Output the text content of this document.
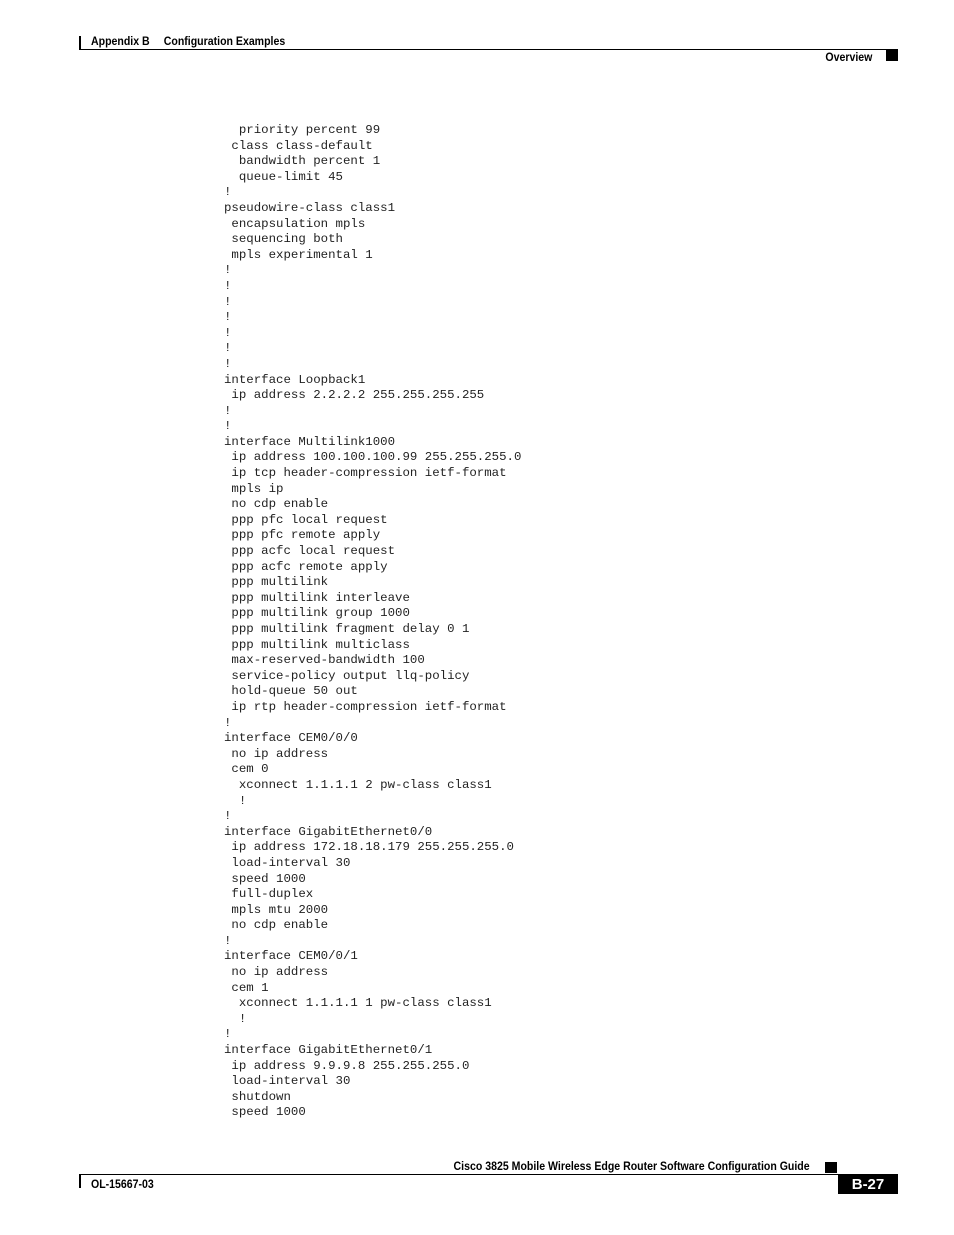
Appendix B Configuration Examples
Overview
priority percent 99
class class-default
bandwidth percent 1
queue-limit 45
!
pseudowire-class class1
encapsulation mpls
sequencing both
mpls experimental 1
!
!
!
!
!
!
!
interface Loopback1
ip address 2.2.2.2 255.255.255.255
!
!
interface Multilink1000
ip address 100.100.100.99 255.255.255.0
ip tcp header-compression ietf-format
mpls ip
no cdp enable
ppp pfc local request
ppp pfc remote apply
ppp acfc local request
ppp acfc remote apply
ppp multilink
ppp multilink interleave
ppp multilink group 1000
ppp multilink fragment delay 0 1
ppp multilink multiclass
max-reserved-bandwidth 100
service-policy output llq-policy
hold-queue 50 out
ip rtp header-compression ietf-format
!
interface CEM0/0/0
no ip address
cem 0
xconnect 1.1.1.1 2 pw-class class1
!
!
interface GigabitEthernet0/0
ip address 172.18.18.179 255.255.255.0
load-interval 30
speed 1000
full-duplex
mpls mtu 2000
no cdp enable
!
interface CEM0/0/1
no ip address
cem 1
xconnect 1.1.1.1 1 pw-class class1
!
!
interface GigabitEthernet0/1
ip address 9.9.9.8 255.255.255.0
load-interval 30
shutdown
speed 1000
Cisco 3825 Mobile Wireless Edge Router Software Configuration Guide
OL-15667-03	B-27
